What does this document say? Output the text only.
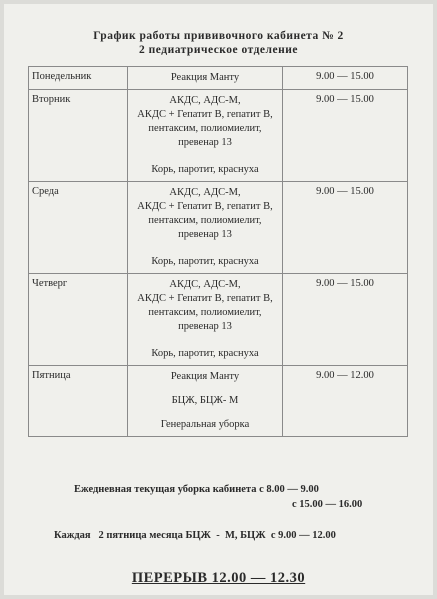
График работы прививочного кабинета № 2
2 педиатрическое отделение
Понедельник	Реакция Манту	9.00 — 15.00
Вторник	АКДС, АДС-М,
АКДС + Гепатит В, гепатит В,
пентаксим, полиомиелит,
превенар 13
Корь, паротит, краснуха	9.00 — 15.00
Среда	АКДС, АДС-М,
АКДС + Гепатит В, гепатит В,
пентаксим, полиомиелит,
превенар 13
Корь, паротит, краснуха	9.00 — 15.00
Четверг	АКДС, АДС-М,
АКДС + Гепатит В, гепатит В,
пентаксим, полиомиелит,
превенар 13
Корь, паротит, краснуха	9.00 — 15.00
Пятница	Реакция Манту
БЦЖ, БЦЖ- М
Генеральная уборка	9.00 — 12.00
Ежедневная текущая уборка кабинета с 8.00 — 9.00
с 15.00 — 16.00
Каждая   2 пятница месяца БЦЖ  -  М, БЦЖ  с 9.00 — 12.00
ПЕРЕРЫВ 12.00 — 12.30
